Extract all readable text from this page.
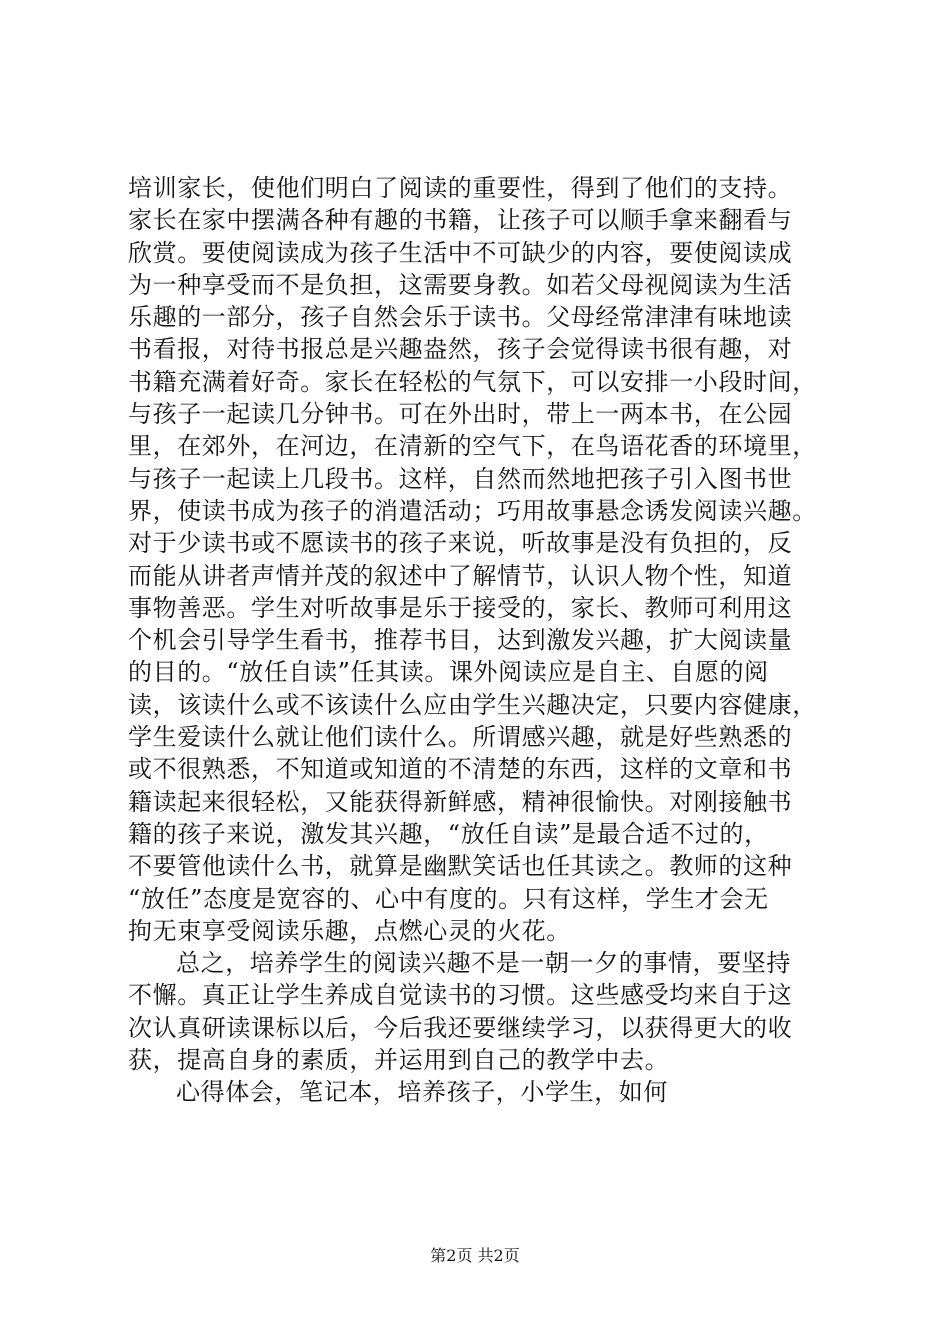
培训家长，使他们明白了阅读的重要性，得到了他们的支持。
家长在家中摆满各种有趣的书籍，让孩子可以顺手拿来翻看与
欣赏。要使阅读成为孩子生活中不可缺少的内容，要使阅读成
为一种享受而不是负担，这需要身教。如若父母视阅读为生活
乐趣的一部分，孩子自然会乐于读书。父母经常津津有味地读
书看报，对待书报总是兴趣盎然，孩子会觉得读书很有趣，对
书籍充满着好奇。家长在轻松的气氛下，可以安排一小段时间，
与孩子一起读几分钟书。可在外出时，带上一两本书，在公园
里，在郊外，在河边，在清新的空气下，在鸟语花香的环境里，
与孩子一起读上几段书。这样，自然而然地把孩子引入图书世
界，使读书成为孩子的消遣活动；巧用故事悬念诱发阅读兴趣。
对于少读书或不愿读书的孩子来说，听故事是没有负担的，反
而能从讲者声情并茂的叙述中了解情节，认识人物个性，知道
事物善恶。学生对听故事是乐于接受的，家长、教师可利用这
个机会引导学生看书，推荐书目，达到激发兴趣，扩大阅读量
的目的。“放任自读”任其读。课外阅读应是自主、自愿的阅
读，该读什么或不该读什么应由学生兴趣决定，只要内容健康，
学生爱读什么就让他们读什么。所谓感兴趣，就是好些熟悉的
或不很熟悉，不知道或知道的不清楚的东西，这样的文章和书
籍读起来很轻松，又能获得新鲜感，精神很愉快。对刚接触书
籍的孩子来说，激发其兴趣，“放任自读”是最合适不过的，
不要管他读什么书，就算是幽默笑话也任其读之。教师的这种
“放任”态度是宽容的、心中有度的。只有这样，学生才会无
拘无束享受阅读乐趣，点燃心灵的火花。
总之，培养学生的阅读兴趣不是一朝一夕的事情，要坚持
不懈。真正让学生养成自觉读书的习惯。这些感受均来自于这
次认真研读课标以后，今后我还要继续学习，以获得更大的收
获，提高自身的素质，并运用到自己的教学中去。
心得体会，笔记本，培养孩子，小学生，如何
第2页 共2页
